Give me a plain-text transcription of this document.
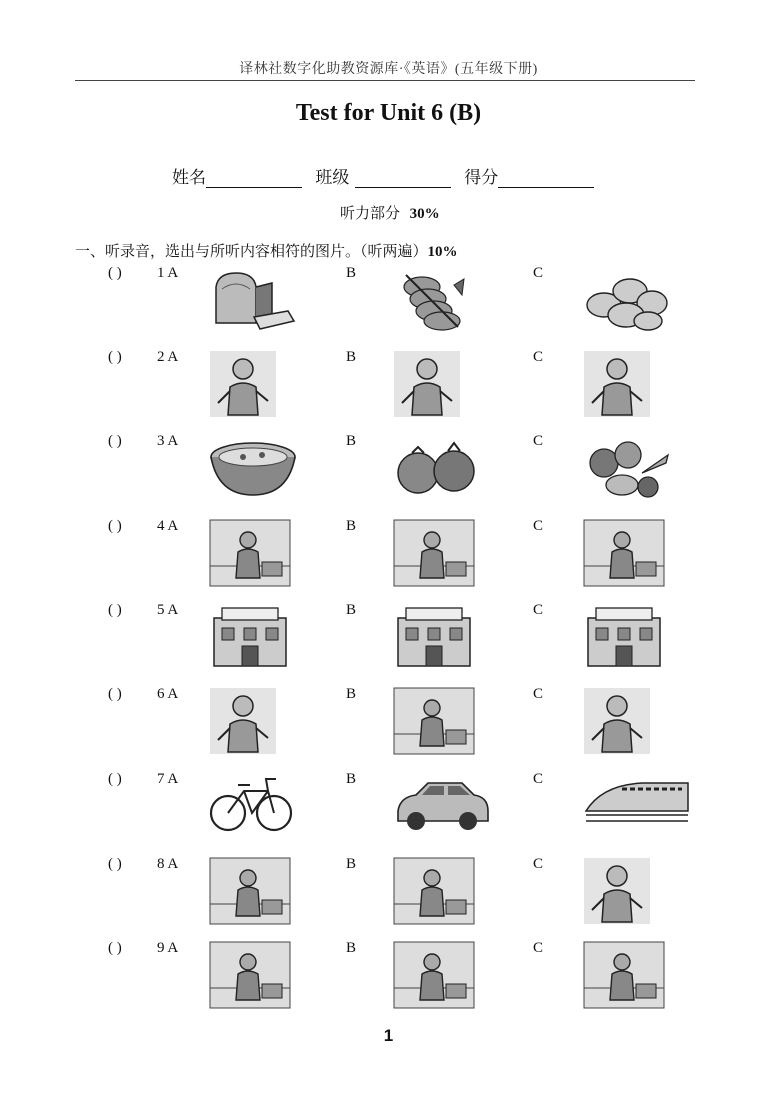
译林社数字化助教资源库·《英语》(五年级下册)
Test for Unit 6 (B)
姓名	班级	得分
听力部分 30%
一、听录音，选出与所听内容相符的图片。（听两遍）10%
( ) 1 A	B	C
( ) 2 A	B	C
( ) 3 A	B	C
( ) 4 A	B	C
( ) 5 A	B	C
( ) 6 A	B	C
( ) 7 A	B	C
( ) 8 A	B	C
( ) 9 A	B	C
1
